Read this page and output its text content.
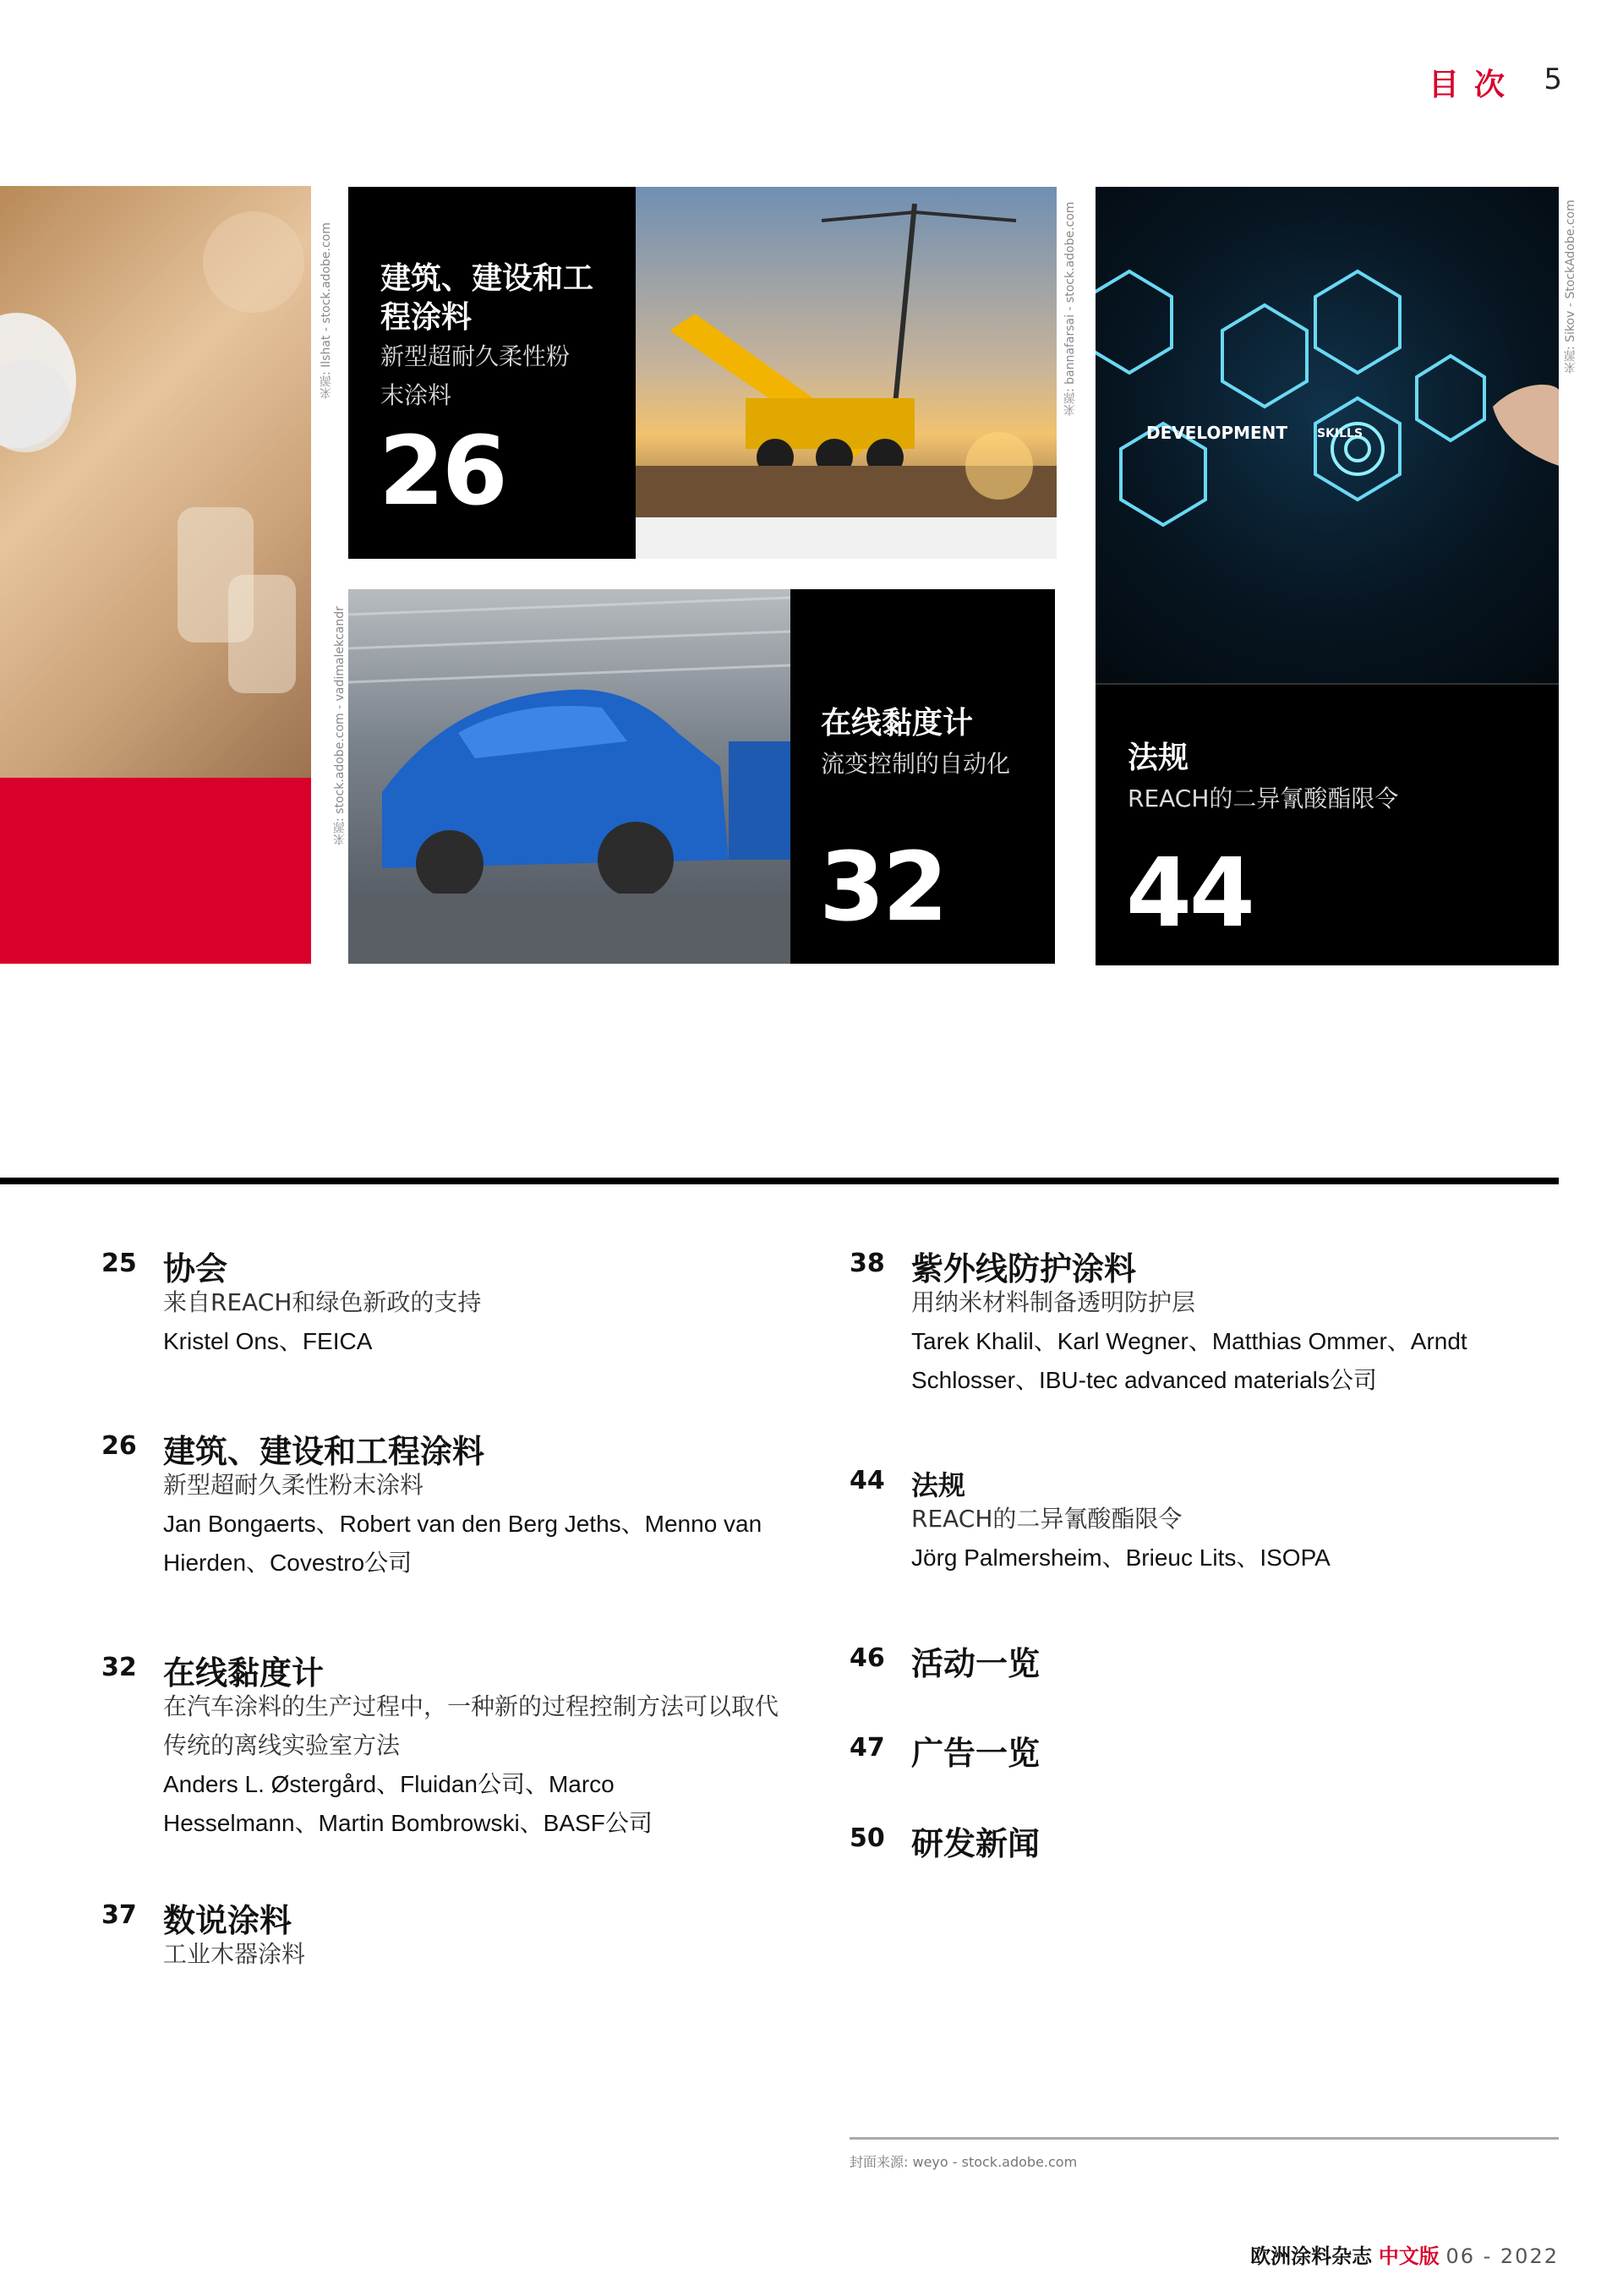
目次 5
来源: Ilshat - stock.adobe.com 建筑、建设和工
程涂料
新型超耐久柔性粉
末涂料
26
来源: bannafarsai - stock.adobe.com
DEVELOPMENT SKILLS
法规
REACH的二异氰酸酯限令
44
来源: Sikov - StockAdobe.com
来源: stock.adobe.com - vadimalekcandr	在线黏度计
流变控制的自动化
32
25 协会
来自REACH和绿色新政的支持
Kristel Ons、FEICA
26 建筑、建设和工程涂料
新型超耐久柔性粉末涂料
Jan Bongaerts、Robert van den Berg Jeths、Menno van
Hierden、Covestro公司
32 在线黏度计
在汽车涂料的生产过程中，一种新的过程控制方法可以取代
传统的离线实验室方法
Anders L. Østergård、Fluidan公司、Marco
Hesselmann、Martin Bombrowski、BASF公司
37 数说涂料
工业木器涂料
38 紫外线防护涂料
用纳米材料制备透明防护层
Tarek Khalil、Karl Wegner、Matthias Ommer、Arndt
Schlosser、IBU-tec advanced materials公司
44 法规
REACH的二异氰酸酯限令
Jörg Palmersheim、Brieuc Lits、ISOPA
46 活动一览
47 广告一览
50 研发新闻
封面来源: weyo - stock.adobe.com
欧洲涂料杂志 中文版 06 - 2022
